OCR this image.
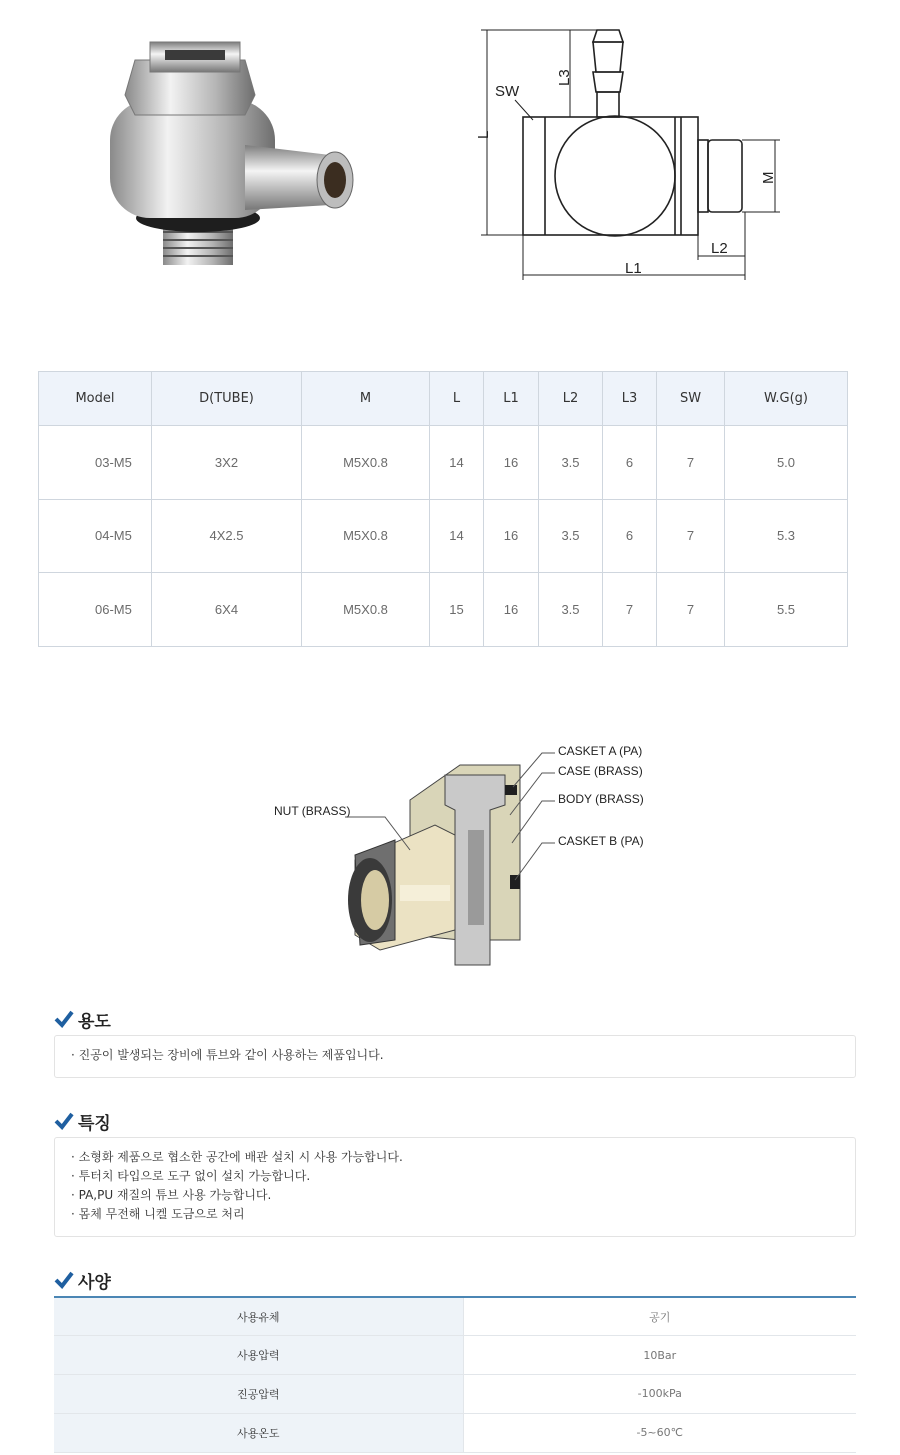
SW
L
L3
L1
L2
M
Model	D(TUBE)	M	L	L1	L2	L3	SW	W.G(g)
03-M5	3X2	M5X0.8	14	16	3.5	6	7	5.0
04-M5	4X2.5	M5X0.8	14	16	3.5	6	7	5.3
06-M5	6X4	M5X0.8	15	16	3.5	7	7	5.5
NUT (BRASS)
CASKET A (PA)
CASE (BRASS)
BODY (BRASS)
CASKET B (PA)
용도
· 진공이 발생되는 장비에 튜브와 같이 사용하는 제품입니다.
특징
· 소형화 제품으로 협소한 공간에 배관 설치 시 사용 가능합니다.
· 투터치 타입으로 도구 없이 설치 가능합니다.
· PA,PU 재질의 튜브 사용 가능합니다.
· 몸체 무전해 니켈 도금으로 처리
사양
사용유체	공기
사용압력	10Bar
진공압력	-100kPa
사용온도	-5~60℃
